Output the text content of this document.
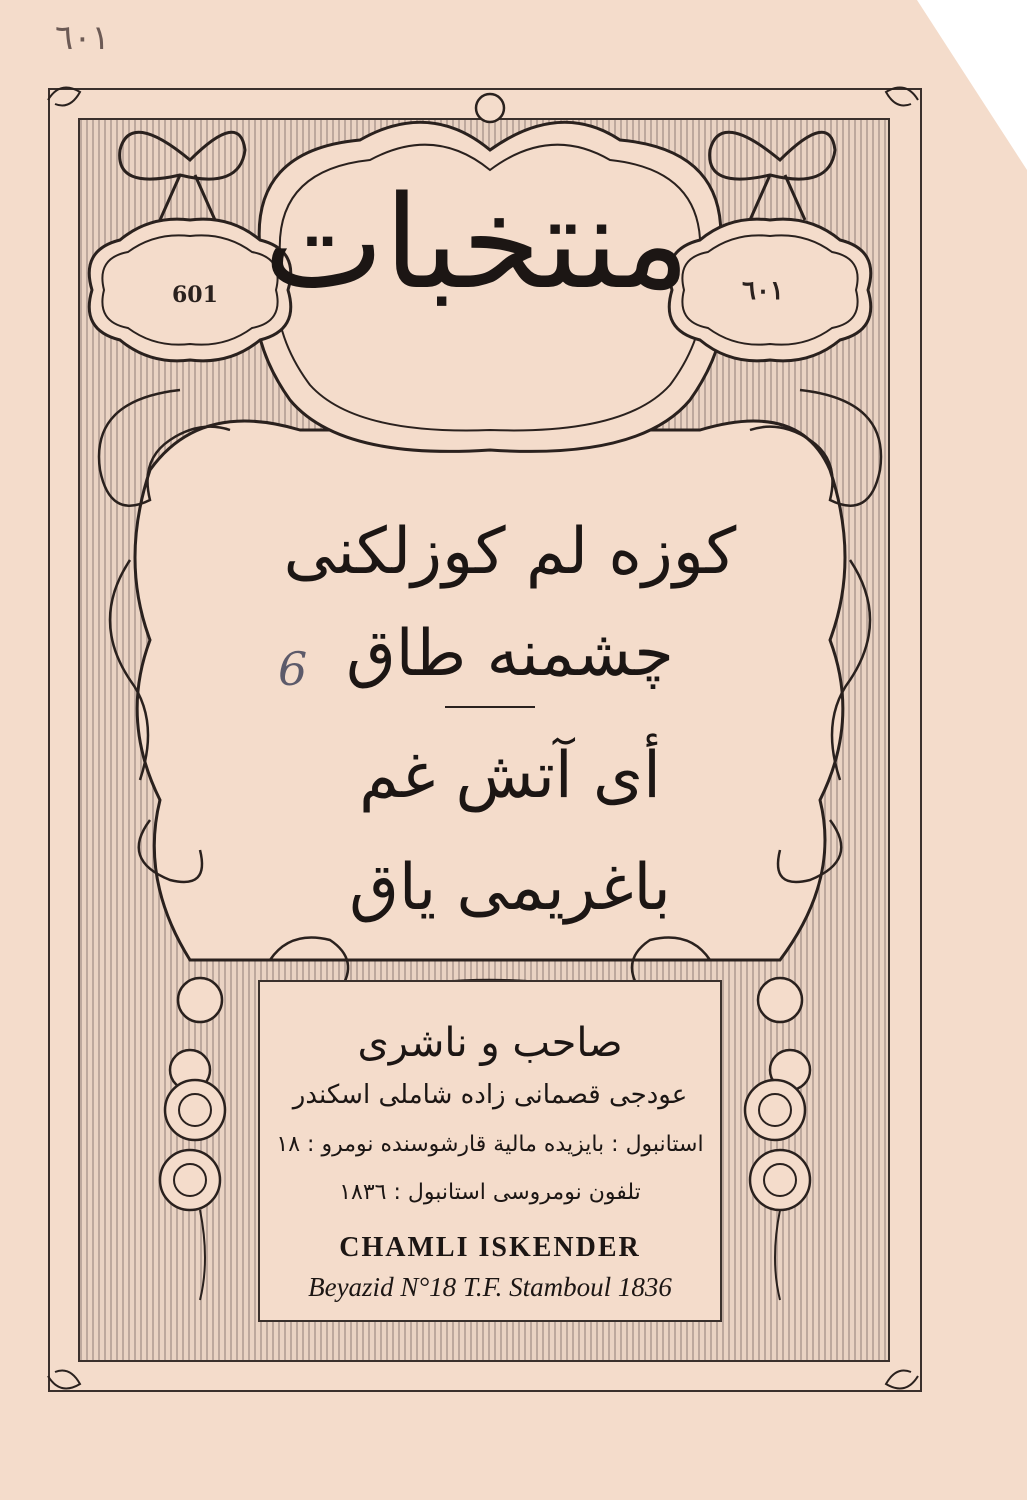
٦٠١
601	٦٠١
منتخبات
كوزه لم كوزلكنى
چشمنه طاق
6
أى آتش غم
باغريمى ياق
صاحب و ناشرى
عودجى قصمانى زاده شاملى اسكندر
استانبول : بايزيده مالية قارشوسنده نومرو : ١٨
تلفون نومروسى استانبول : ١٨٣٦
CHAMLI ISKENDER
Beyazid N°18 T.F. Stamboul 1836
